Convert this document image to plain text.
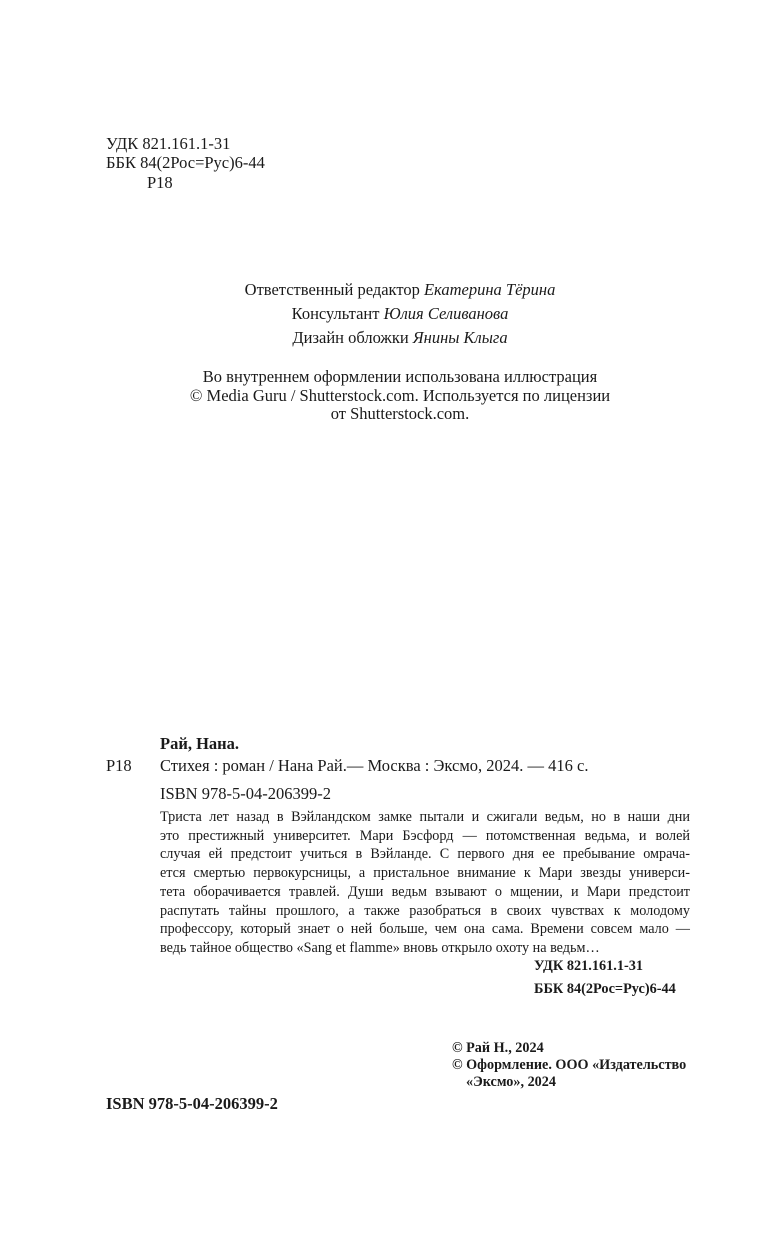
УДК 821.161.1-31
ББК 84(2Рос=Рус)6-44
Р18
Ответственный редактор Екатерина Тёрина
Консультант Юлия Селиванова
Дизайн обложки Янины Клыга
Во внутреннем оформлении использована иллюстрация
© Media Guru / Shutterstock.com. Используется по лицензии
от Shutterstock.com.
Рай, Нана.
Р18 Стихея : роман / Нана Рай.— Москва : Эксмо, 2024. — 416 с.
ISBN 978-5-04-206399-2
Триста лет назад в Вэйландском замке пытали и сжигали ведьм, но в наши дни
это престижный университет. Мари Бэсфорд — потомственная ведьма, и волей
случая ей предстоит учиться в Вэйланде. С первого дня ее пребывание омрача-
ется смертью первокурсницы, а пристальное внимание к Мари звезды универси-
тета оборачивается травлей. Души ведьм взывают о мщении, и Мари предстоит
распутать тайны прошлого, а также разобраться в своих чувствах к молодому
профессору, который знает о ней больше, чем она сама. Времени совсем мало —
ведь тайное общество «Sang et flamme» вновь открыло охоту на ведьм…
УДК 821.161.1-31
ББК 84(2Рос=Рус)6-44
© Рай Н., 2024
© Оформление. ООО «Издательство
«Эксмо», 2024
ISBN 978-5-04-206399-2
